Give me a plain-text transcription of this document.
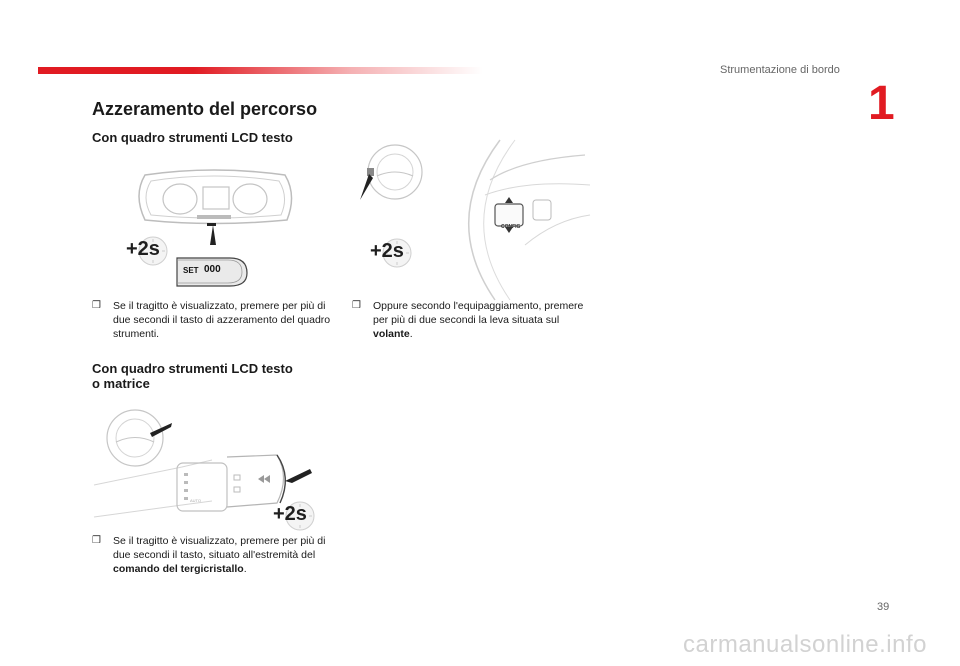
Strumentazione di bordo
1
Azzeramento del percorso
Con quadro strumenti LCD testo
+2s
SET 000
❒ Se il tragitto è visualizzato, premere per più di due secondi il tasto di azzeramento del quadro strumenti.
CONFIG
+2s
❒ Oppure secondo l'equipaggiamento, premere per più di due secondi la leva situata sul volante.
Con quadro strumenti LCD testo
o matrice
AUTO
+2s
❒ Se il tragitto è visualizzato, premere per più di due secondi il tasto, situato all'estremità del comando del tergicristallo.
39
carmanualsonline.info
